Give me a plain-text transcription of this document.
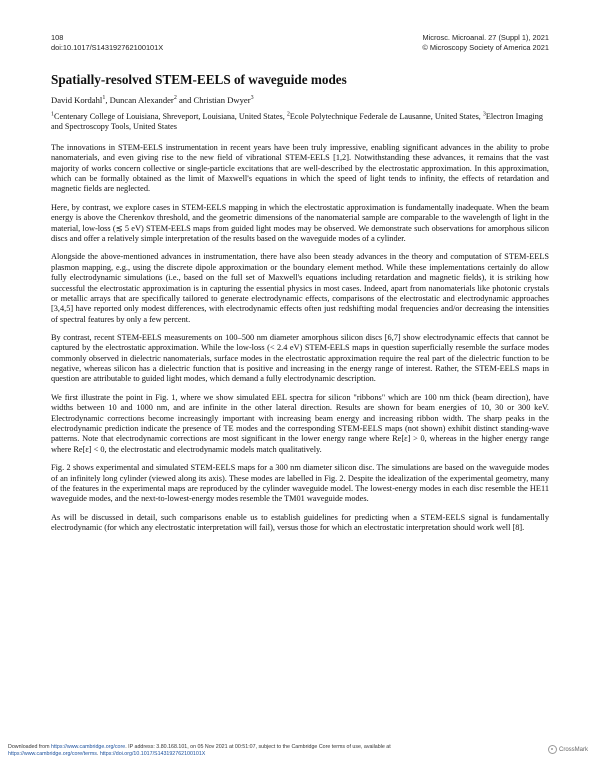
108
doi:10.1017/S143192762100101X
Microsc. Microanal. 27 (Suppl 1), 2021
© Microscopy Society of America 2021
Spatially-resolved STEM-EELS of waveguide modes
David Kordahl$^1$, Duncan Alexander$^2$ and Christian Dwyer$^3$
$^1$Centenary College of Louisiana, Shreveport, Louisiana, United States, $^2$Ecole Polytechnique Federale de Lausanne, United States, $^3$Electron Imaging and Spectroscopy Tools, United States

The innovations in STEM-EELS instrumentation in recent years have been truly impressive, enabling significant advances in the ability to probe nanomaterials, and even giving rise to the new field of vibrational STEM-EELS [1,2]. Notwithstanding these advances, it remains that the vast majority of works concern collective or single-particle excitations that are well-described by the electrostatic approximation. In this approximation, which can be formally obtained as the limit of Maxwell's equations in which the speed of light tends to infinity, the effects of retardation and magnetic fields are neglected.

Here, by contrast, we explore cases in STEM-EELS mapping in which the electrostatic approximation is fundamentally inadequate. When the beam energy is above the Cherenkov threshold, and the geometric dimensions of the nanomaterial sample are comparable to the wavelength of light in the material, low-loss (≲ 5 eV) STEM-EELS maps from guided light modes may be observed. We demonstrate such observations for amorphous silicon discs and offer a relatively simple interpretation of the results based on the waveguide modes of a cylinder.

Alongside the above-mentioned advances in instrumentation, there have also been steady advances in the theory and computation of STEM-EELS plasmon mapping, e.g., using the discrete dipole approximation or the boundary element method. While these implementations certainly do allow fully electrodynamic simulations (i.e., based on the full set of Maxwell's equations including retardation and magnetic fields), it is striking how successful the electrostatic approximation is in capturing the essential physics in most cases. Indeed, apart from nanomaterials like photonic crystals or metallic arrays that are specifically tailored to generate electrodynamic effects, comparisons of the electrostatic and electrodynamic approaches [3,4,5] have reported only modest differences, with electrodynamic effects often just redshifting modal frequencies and/or decreasing the intensities of spectral features by only a few percent.

By contrast, recent STEM-EELS measurements on 100–500 nm diameter amorphous silicon discs [6,7] show electrodynamic effects that cannot be captured by the electrostatic approximation. While the low-loss (< 2.4 eV) STEM-EELS maps in question superficially resemble the surface modes commonly observed in dielectric nanomaterials, surface modes in the electrostatic approximation require the real part of the dielectric function to be negative, whereas silicon has a dielectric function that is positive and increasing in the energy range of interest. Rather, the STEM-EELS maps in question are attributable to guided light modes, which demand a fully electrodynamic description.

We first illustrate the point in Fig. 1, where we show simulated EEL spectra for silicon "ribbons" which are 100 nm thick (beam direction), have widths between 10 and 1000 nm, and are infinite in the other lateral direction. Results are shown for beam energies of 10, 30 or 300 keV. Electrodynamic corrections become increasingly important with increasing beam energy and increasing ribbon width. The sharp peaks in the electrodynamic prediction indicate the presence of TE modes and the corresponding STEM-EELS maps (not shown) exhibit distinct standing-wave patterns. Note that electrodynamic corrections are most significant in the lower energy range where Re[ε] > 0, whereas in the higher energy range where Re[ε] < 0, the electrostatic and electrodynamic models match qualitatively.

Fig. 2 shows experimental and simulated STEM-EELS maps for a 300 nm diameter silicon disc. The simulations are based on the waveguide modes of an infinitely long cylinder (viewed along its axis). These modes are labelled in Fig. 2. Despite the idealization of the experimental geometry, many of the features in the experimental maps are reproduced by the cylinder waveguide model. The lowest-energy modes in each disc resemble the HE11 waveguide modes, and the next-to-lowest-energy modes resemble the TM01 waveguide modes.

As will be discussed in detail, such comparisons enable us to establish guidelines for predicting when a STEM-EELS signal is fundamentally electrodynamic (for which any electrostatic interpretation will fail), versus those for which an electrostatic interpretation should work well [8].

Downloaded from https://www.cambridge.org/core. IP address: 3.80.168.101, on 05 Nov 2021 at 00:51:07, subject to the Cambridge Core terms of use, available at
https://www.cambridge.org/core/terms. https://doi.org/10.1017/S143192762100101X
CrossMark
